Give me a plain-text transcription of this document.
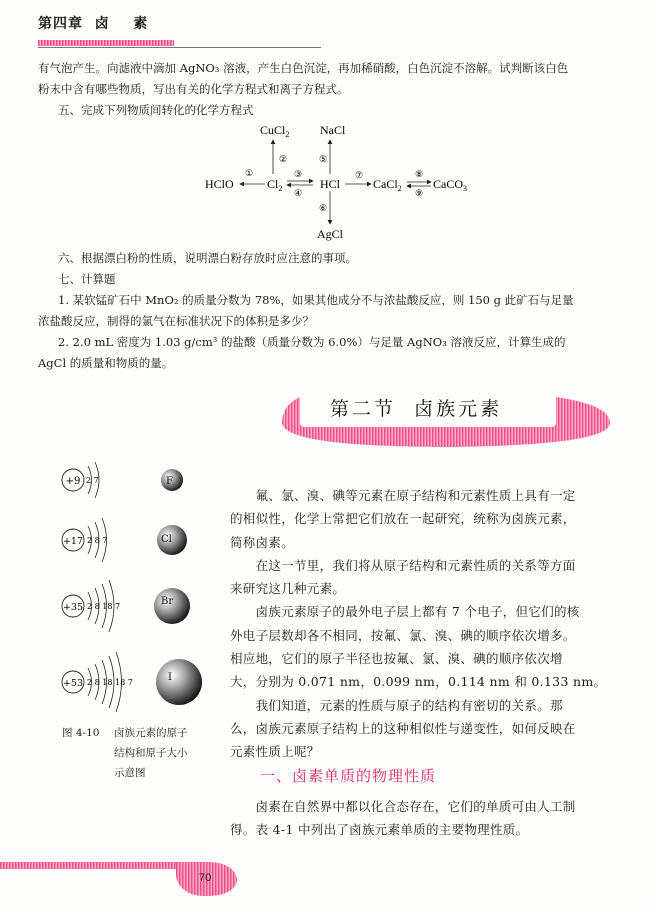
第四章  卤    素
有气泡产生。向滤液中滴加 AgNO₃ 溶液，产生白色沉淀，再加稀硝酸，白色沉淀不溶解。试判断该白色
粉末中含有哪些物质，写出有关的化学方程式和离子方程式。
五、完成下列物质间转化的化学方程式
HClO	$Cl_2$
CuCl$_2$
HCl
NaCl
AgCl
CaCl$_2$	CaCO$_3$
①
②
③
④
⑤
⑥
⑦	⑧
⑨
六、根据漂白粉的性质，说明漂白粉存放时应注意的事项。
七、计算题
1. 某软锰矿石中 MnO₂ 的质量分数为 78%，如果其他成分不与浓盐酸反应，则 150 g 此矿石与足量
浓盐酸反应，制得的氯气在标准状况下的体积是多少？
2. 2.0 mL 密度为 1.03 g/cm³ 的盐酸（质量分数为 6.0%）与足量 AgNO₃ 溶液反应，计算生成的
AgCl 的质量和物质的量。
第二节  卤族元素
+9 2 7	F
+17 2 8 7	Cl
+35 2 8 18 7	Br
+53 2 8 18 18 7	I
图 4-10	卤族元素的原子
结构和原子大小
示意图
　　氟、氯、溴、碘等元素在原子结构和元素性质上具有一定
的相似性，化学上常把它们放在一起研究，统称为卤族元素，
简称卤素。
　　在这一节里，我们将从原子结构和元素性质的关系等方面
来研究这几种元素。
　　卤族元素原子的最外电子层上都有 7 个电子，但它们的核
外电子层数却各不相同，按氟、氯、溴、碘的顺序依次增多。
相应地，它们的原子半径也按氟、氯、溴、碘的顺序依次增
大，分别为 0.071 nm，0.099 nm，0.114 nm 和 0.133 nm。
　　我们知道，元素的性质与原子的结构有密切的关系。那
么，卤族元素原子结构上的这种相似性与递变性，如何反映在
元素性质上呢？
一、卤素单质的物理性质
　　卤素在自然界中都以化合态存在，它们的单质可由人工制
得。表 4-1 中列出了卤族元素单质的主要物理性质。
70
